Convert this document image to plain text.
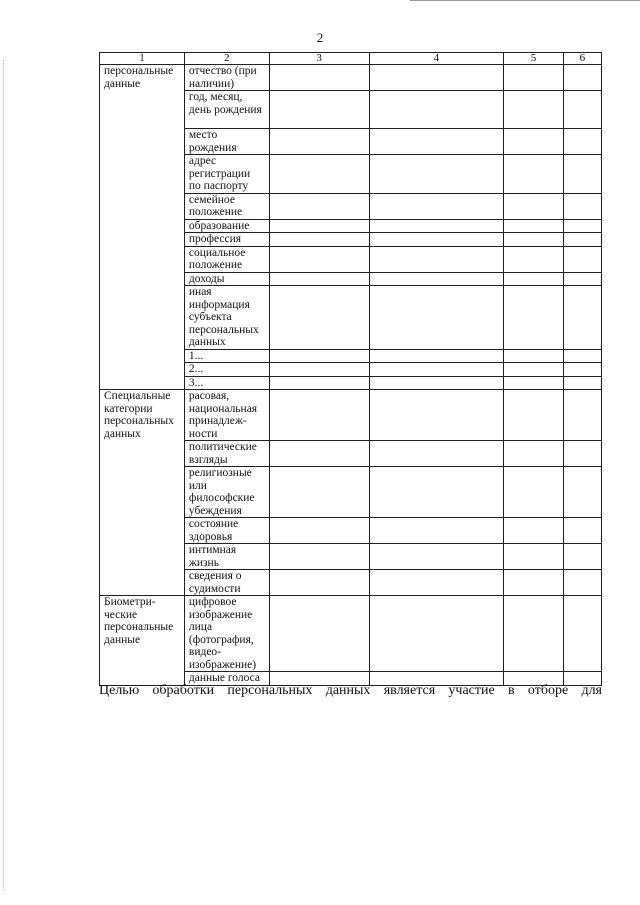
2
1	2	3	4	5	6
персональные данные	отчество (при наличии)				
	год, месяц, день рождения				
	место рождения				
	адрес регистрации по паспорту				
	семейное положение				
	образование				
	профессия				
	социальное положение				
	доходы				
	иная информация субъекта персональных данных				
	1...				
	2...				
	3...				
Специальные категории персональных данных	расовая, национальная принадлеж-ности				
	политические взгляды				
	религиозные или философские убеждения				
	состояние здоровья				
	интимная жизнь				
	сведения о судимости				
Биометри-ческие персональные данные	цифровое изображение лица (фотография, видео-изображение)				
	данные голоса				
Целью обработки персональных данных является участие в отборе для
